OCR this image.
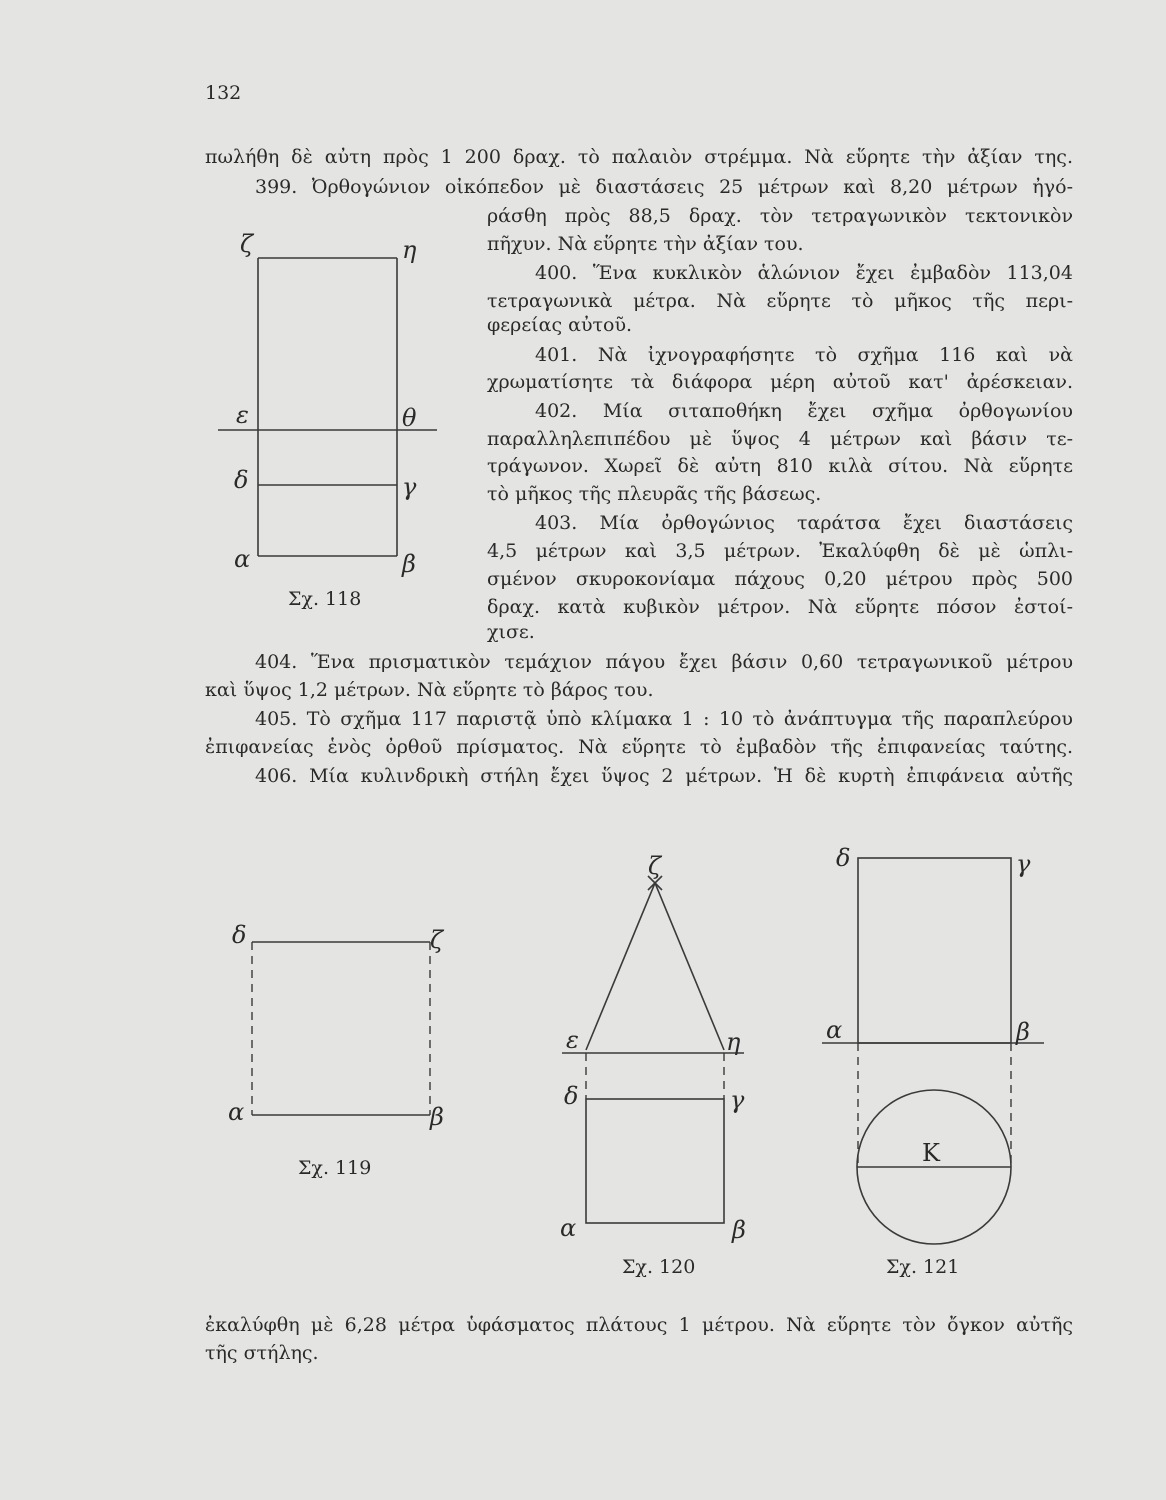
132
πωλήθη δὲ αὐτη πρὸς 1 200 δραχ. τὸ παλαιὸν στρέμμα. Νὰ εὕρητε τὴν ἀξίαν της.
399. Ὀρθογώνιον οἰκόπεδον μὲ διαστάσεις 25 μέτρων καὶ 8,20 μέτρων ἠγό-
ράσθη πρὸς 88,5 δραχ. τὸν τετραγωνικὸν τεκτονικὸν
πῆχυν. Νὰ εὕρητε τὴν ἀξίαν του.
400. Ἕνα κυκλικὸν ἁλώνιον ἔχει ἐμβαδὸν 113,04
τετραγωνικὰ μέτρα. Νὰ εὕρητε τὸ μῆκος τῆς περι-
φερείας αὐτοῦ.
401. Νὰ ἰχνογραφήσητε τὸ σχῆμα 116 καὶ νὰ
χρωματίσητε τὰ διάφορα μέρη αὐτοῦ κατ' ἀρέσκειαν.
402. Μία σιταποθήκη ἔχει σχῆμα ὀρθογωνίου
παραλληλεπιπέδου μὲ ὕψος 4 μέτρων καὶ βάσιν τε-
τράγωνον. Χωρεῖ δὲ αὐτη 810 κιλὰ σίτου. Νὰ εὕρητε
τὸ μῆκος τῆς πλευρᾶς τῆς βάσεως.
403. Μία ὀρθογώνιος ταράτσα ἔχει διαστάσεις
4,5 μέτρων καὶ 3,5 μέτρων. Ἐκαλύφθη δὲ μὲ ὡπλι-
σμένον σκυροκονίαμα πάχους 0,20 μέτρου πρὸς 500
δραχ. κατὰ κυβικὸν μέτρον. Νὰ εὕρητε πόσον ἐστοί-
χισε.
404. Ἕνα πρισματικὸν τεμάχιον πάγου ἔχει βάσιν 0,60 τετραγωνικοῦ μέτρου
καὶ ὕψος 1,2 μέτρων. Νὰ εὕρητε τὸ βάρος του.
405. Τὸ σχῆμα 117 παριστᾷ ὑπὸ κλίμακα 1 : 10 τὸ ἀνάπτυγμα τῆς παραπλεύρου
ἐπιφανείας ἑνὸς ὀρθοῦ πρίσματος. Νὰ εὕρητε τὸ ἐμβαδὸν τῆς ἐπιφανείας ταύτης.
406. Μία κυλινδρικὴ στήλη ἔχει ὕψος 2 μέτρων. Ἡ δὲ κυρτὴ ἐπιφάνεια αὐτῆς
ἐκαλύφθη μὲ 6,28 μέτρα ὑφάσματος πλάτους 1 μέτρου. Νὰ εὕρητε τὸν ὄγκον αὐτῆς
τῆς στήλης.
ζ	η
ε	θ
δ	γ
α	β
Σχ. 118
δ	ζ
α	β
Σχ. 119
ζ
ε	η
δ	γ
α	β
Σχ. 120
δ	γ
α	β
Κ
Σχ. 121
